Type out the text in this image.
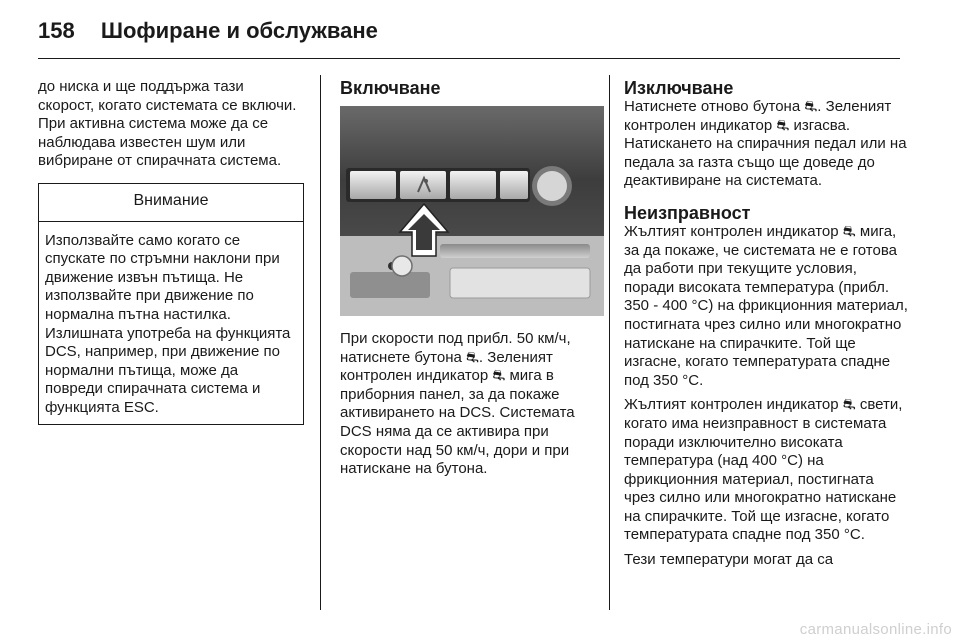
158 Шофиране и обслужване

до ниска и ще поддържа тази скорост, когато системата се включи. При активна система може да се наблюдава известен шум или вибриране от спирачната система.

Внимание
Използвайте само когато се спускате по стръмни наклони при движение извън пътища. Не използвайте при движение по нормална пътна настилка. Излишната употреба на функцията DCS, например, при движение по нормални пътища, може да повреди спирачната система и функцията ESC.
Включване

При скорости под прибл. 50 км/ч, натиснете бутона ⛐. Зеленият контролен индикатор ⛐ мига в приборния панел, за да покаже активирането на DCS. Системата DCS няма да се активира при скорости над 50 км/ч, дори и при натискане на бутона.

Изключване

Натиснете отново бутона ⛐. Зеленият контролен индикатор ⛐ изгасва. Натискането на спирачния педал или на педала за газта също ще доведе до деактивиране на системата.

Неизправност

Жълтият контролен индикатор ⛐ мига, за да покаже, че системата не е готова да работи при текущите условия, поради високата температура (прибл. 350 - 400 °C) на фрикционния материал, постигната чрез силно или многократно натискане на спирачките. Той ще изгасне, когато температурата спадне под 350 °C.

Жълтият контролен индикатор ⛐ свети, когато има неизправност в системата поради изключително високата температура (над 400 °C) на фрикционния материал, постигната чрез силно или многократно натискане на спирачките. Той ще изгасне, когато температурата спадне под 350 °C.

Тези температури могат да са

carmanualsonline.info
